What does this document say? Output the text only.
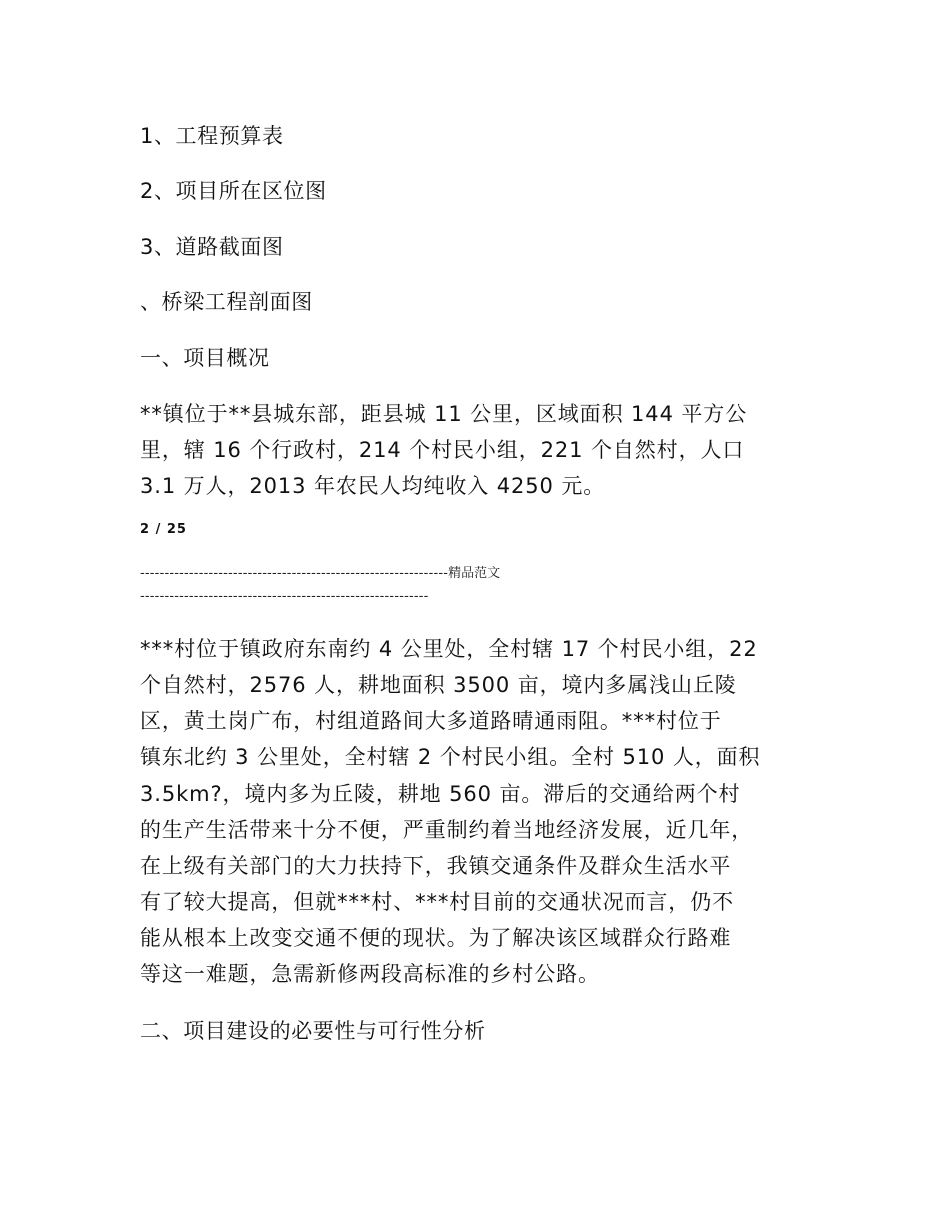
1、工程预算表
2、项目所在区位图
3、道路截面图
、桥梁工程剖面图
一、项目概况
**镇位于**县城东部，距县城 11 公里，区域面积 144 平方公
里，辖 16 个行政村，214 个村民小组，221 个自然村，人口
3.1 万人，2013 年农民人均纯收入 4250 元。
2 / 25
---------------------------------------------------------------精品范文
-----------------------------------------------------------
***村位于镇政府东南约 4 公里处，全村辖 17 个村民小组，22
个自然村，2576 人，耕地面积 3500 亩，境内多属浅山丘陵
区，黄土岗广布，村组道路间大多道路晴通雨阻。***村位于
镇东北约 3 公里处，全村辖 2 个村民小组。全村 510 人，面积
3.5km?，境内多为丘陵，耕地 560 亩。滞后的交通给两个村
的生产生活带来十分不便，严重制约着当地经济发展，近几年，
在上级有关部门的大力扶持下，我镇交通条件及群众生活水平
有了较大提高，但就***村、***村目前的交通状况而言，仍不
能从根本上改变交通不便的现状。为了解决该区域群众行路难
等这一难题，急需新修两段高标准的乡村公路。
二、项目建设的必要性与可行性分析
